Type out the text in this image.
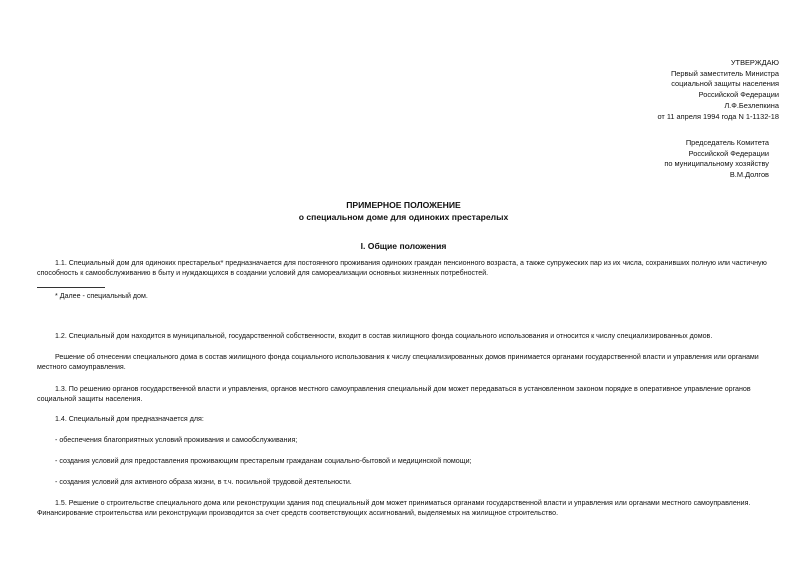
УТВЕРЖДАЮ
Первый заместитель Министра
социальной защиты населения
Российской Федерации
Л.Ф.Безлепкина
от 11 апреля 1994 года N 1-1132-18
Председатель Комитета
Российской Федерации
по муниципальному хозяйству
В.М.Долгов
ПРИМЕРНОЕ ПОЛОЖЕНИЕ
о специальном доме для одиноких престарелых
I. Общие положения

1.1. Специальный дом для одиноких престарелых* предназначается для постоянного проживания одиноких граждан пенсионного возраста, а также супружеских пар из их числа, сохранивших полную или частичную способность к самообслуживанию в быту и нуждающихся в создании условий для самореализации основных жизненных потребностей.

* Далее - специальный дом.

1.2. Специальный дом находится в муниципальной, государственной собственности, входит в состав жилищного фонда социального использования и относится к числу специализированных домов.

Решение об отнесении специального дома в состав жилищного фонда социального использования к числу специализированных домов принимается органами государственной власти и управления или органами местного самоуправления.

1.3. По решению органов государственной власти и управления, органов местного самоуправления специальный дом может передаваться в установленном законом порядке в оперативное управление органов социальной защиты населения.

1.4. Специальный дом предназначается для:

- обеспечения благоприятных условий проживания и самообслуживания;

- создания условий для предоставления проживающим престарелым гражданам социально-бытовой и медицинской помощи;

- создания условий для активного образа жизни, в т.ч. посильной трудовой деятельности.

1.5. Решение о строительстве специального дома или реконструкции здания под специальный дом может приниматься органами государственной власти и управления или органами местного самоуправления. Финансирование строительства или реконструкции производится за счет средств соответствующих ассигнований, выделяемых на жилищное строительство.
